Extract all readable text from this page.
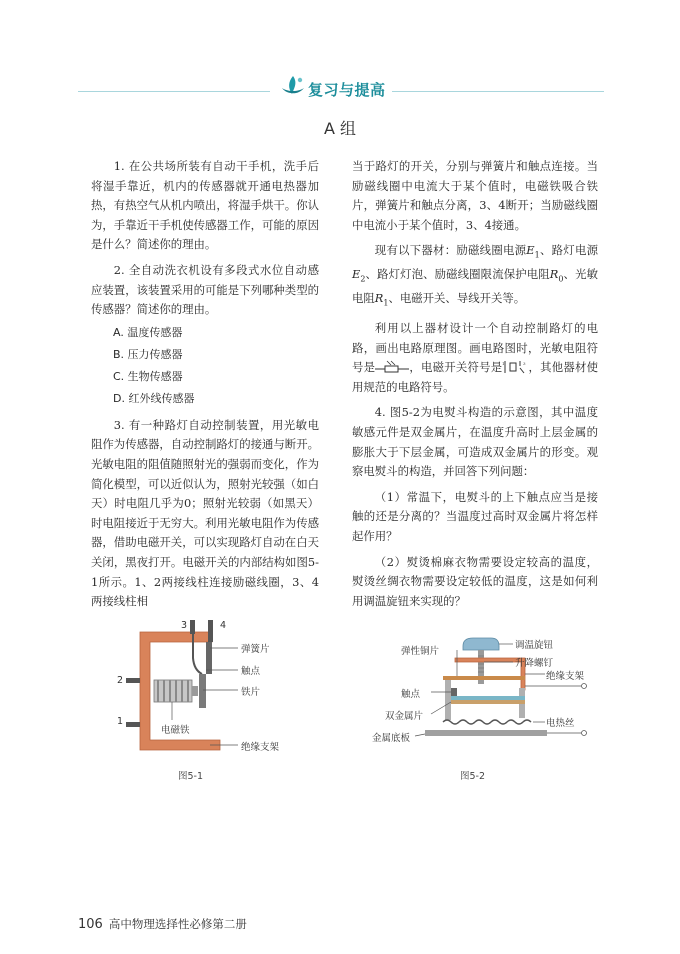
复习与提高
A 组

1. 在公共场所装有自动干手机，洗手后将湿手靠近，机内的传感器就开通电热器加热，有热空气从机内喷出，将湿手烘干。你认为，手靠近干手机使传感器工作，可能的原因是什么？简述你的理由。

2. 全自动洗衣机设有多段式水位自动感应装置，该装置采用的可能是下列哪种类型的传感器？简述你的理由。

A. 温度传感器
B. 压力传感器
C. 生物传感器
D. 红外线传感器

3. 有一种路灯自动控制装置，用光敏电阻作为传感器，自动控制路灯的接通与断开。光敏电阻的阻值随照射光的强弱而变化，作为简化模型，可以近似认为，照射光较强（如白天）时电阻几乎为0；照射光较弱（如黑天）时电阻接近于无穷大。利用光敏电阻作为传感器，借助电磁开关，可以实现路灯自动在白天关闭，黑夜打开。电磁开关的内部结构如图5-1所示。1、2两接线柱连接励磁线圈，3、4两接线柱相

当于路灯的开关，分别与弹簧片和触点连接。当励磁线圈中电流大于某个值时，电磁铁吸合铁片，弹簧片和触点分离，3、4断开；当励磁线圈中电流小于某个值时，3、4接通。

现有以下器材：励磁线圈电源$E_1$、路灯电源$E_2$、路灯灯泡、励磁线圈限流保护电阻$R_0$、光敏电阻$R_1$、电磁开关、导线开关等。

利用以上器材设计一个自动控制路灯的电路，画出电路原理图。画电路图时，光敏电阻符号是	，电磁开关符号是 1	3 ，其他器材使用规范的电路符号。

4. 图5-2为电熨斗构造的示意图，其中温度敏感元件是双金属片，在温度升高时上层金属的膨胀大于下层金属，可造成双金属片的形变。观察电熨斗的构造，并回答下列问题：

（1）常温下，电熨斗的上下触点应当是接触的还是分离的？当温度过高时双金属片将怎样起作用？

（2）熨烫棉麻衣物需要设定较高的温度，熨烫丝绸衣物需要设定较低的温度，这是如何利用调温旋钮来实现的？

3	4
2
1
弹簧片
触点
铁片
电磁铁
绝缘支架
图5-1
调温旋钮
升降螺钉
弹性铜片
绝缘支架
触点
双金属片
电热丝
金属底板
图5-2
106 高中物理选择性必修第二册
